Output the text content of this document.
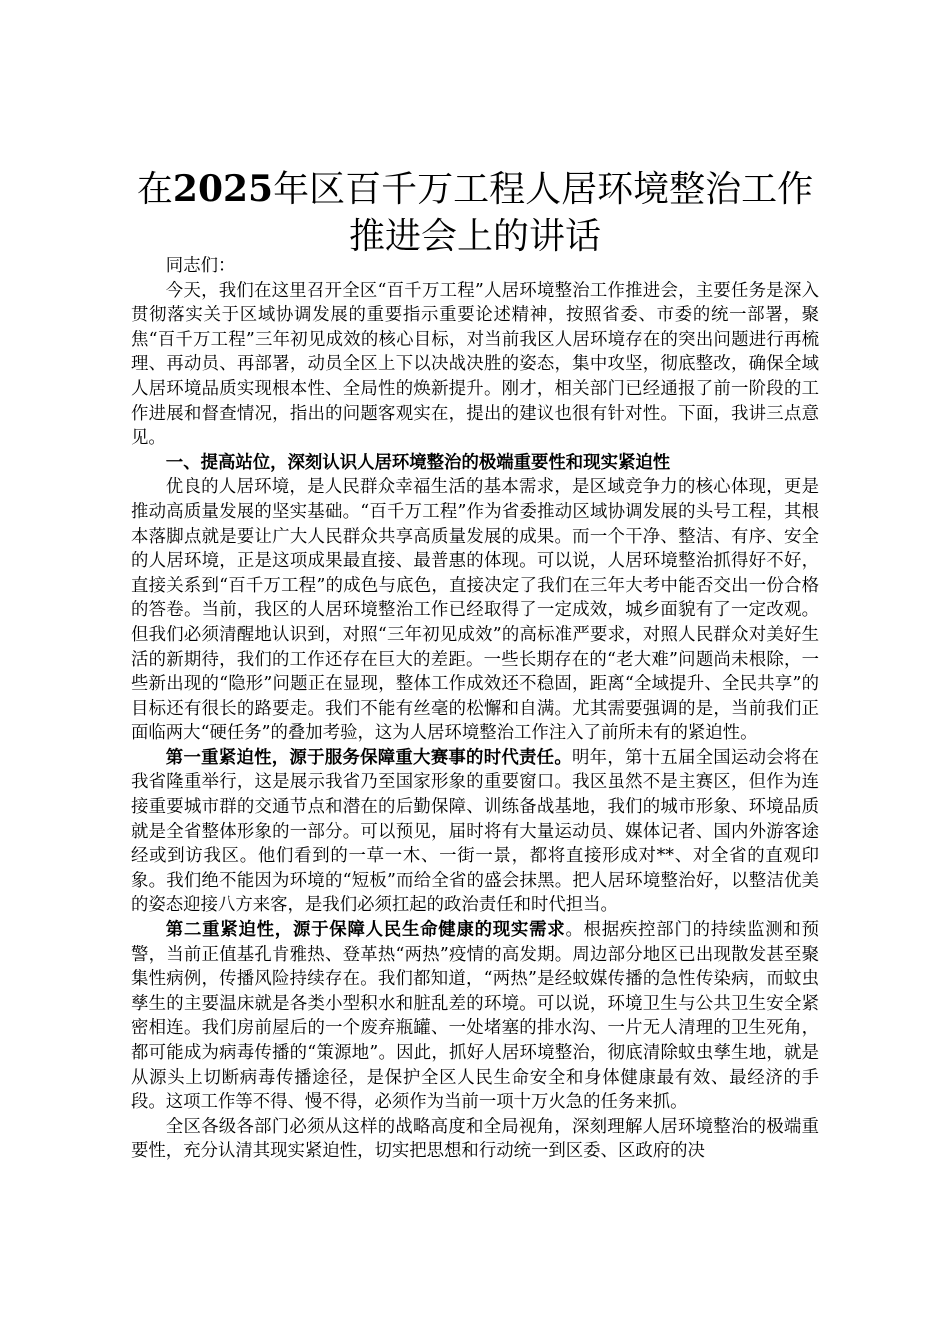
在2025年区百千万工程人居环境整治工作推进会上的讲话

同志们：

今天，我们在这里召开全区“百千万工程”人居环境整治工作推进会，主要任务是深入贯彻落实关于区域协调发展的重要指示重要论述精神，按照省委、市委的统一部署，聚焦“百千万工程”三年初见成效的核心目标，对当前我区人居环境存在的突出问题进行再梳理、再动员、再部署，动员全区上下以决战决胜的姿态，集中攻坚，彻底整改，确保全域人居环境品质实现根本性、全局性的焕新提升。刚才，相关部门已经通报了前一阶段的工作进展和督查情况，指出的问题客观实在，提出的建议也很有针对性。下面，我讲三点意见。

一、提高站位，深刻认识人居环境整治的极端重要性和现实紧迫性

优良的人居环境，是人民群众幸福生活的基本需求，是区域竞争力的核心体现，更是推动高质量发展的坚实基础。“百千万工程”作为省委推动区域协调发展的头号工程，其根本落脚点就是要让广大人民群众共享高质量发展的成果。而一个干净、整洁、有序、安全的人居环境，正是这项成果最直接、最普惠的体现。可以说，人居环境整治抓得好不好，直接关系到“百千万工程”的成色与底色，直接决定了我们在三年大考中能否交出一份合格的答卷。当前，我区的人居环境整治工作已经取得了一定成效，城乡面貌有了一定改观。但我们必须清醒地认识到，对照“三年初见成效”的高标准严要求，对照人民群众对美好生活的新期待，我们的工作还存在巨大的差距。一些长期存在的“老大难”问题尚未根除，一些新出现的“隐形”问题正在显现，整体工作成效还不稳固，距离“全域提升、全民共享”的目标还有很长的路要走。我们不能有丝毫的松懈和自满。尤其需要强调的是，当前我们正面临两大“硬任务”的叠加考验，这为人居环境整治工作注入了前所未有的紧迫性。

第一重紧迫性，源于服务保障重大赛事的时代责任。明年，第十五届全国运动会将在我省隆重举行，这是展示我省乃至国家形象的重要窗口。我区虽然不是主赛区，但作为连接重要城市群的交通节点和潜在的后勤保障、训练备战基地，我们的城市形象、环境品质就是全省整体形象的一部分。可以预见，届时将有大量运动员、媒体记者、国内外游客途经或到访我区。他们看到的一草一木、一街一景，都将直接形成对**、对全省的直观印象。我们绝不能因为环境的“短板”而给全省的盛会抹黑。把人居环境整治好，以整洁优美的姿态迎接八方来客，是我们必须扛起的政治责任和时代担当。

第二重紧迫性，源于保障人民生命健康的现实需求。根据疾控部门的持续监测和预警，当前正值基孔肯雅热、登革热“两热”疫情的高发期。周边部分地区已出现散发甚至聚集性病例，传播风险持续存在。我们都知道，“两热”是经蚊媒传播的急性传染病，而蚊虫孳生的主要温床就是各类小型积水和脏乱差的环境。可以说，环境卫生与公共卫生安全紧密相连。我们房前屋后的一个废弃瓶罐、一处堵塞的排水沟、一片无人清理的卫生死角，都可能成为病毒传播的“策源地”。因此，抓好人居环境整治，彻底清除蚊虫孳生地，就是从源头上切断病毒传播途径，是保护全区人民生命安全和身体健康最有效、最经济的手段。这项工作等不得、慢不得，必须作为当前一项十万火急的任务来抓。

全区各级各部门必须从这样的战略高度和全局视角，深刻理解人居环境整治的极端重要性，充分认清其现实紧迫性，切实把思想和行动统一到区委、区政府的决
